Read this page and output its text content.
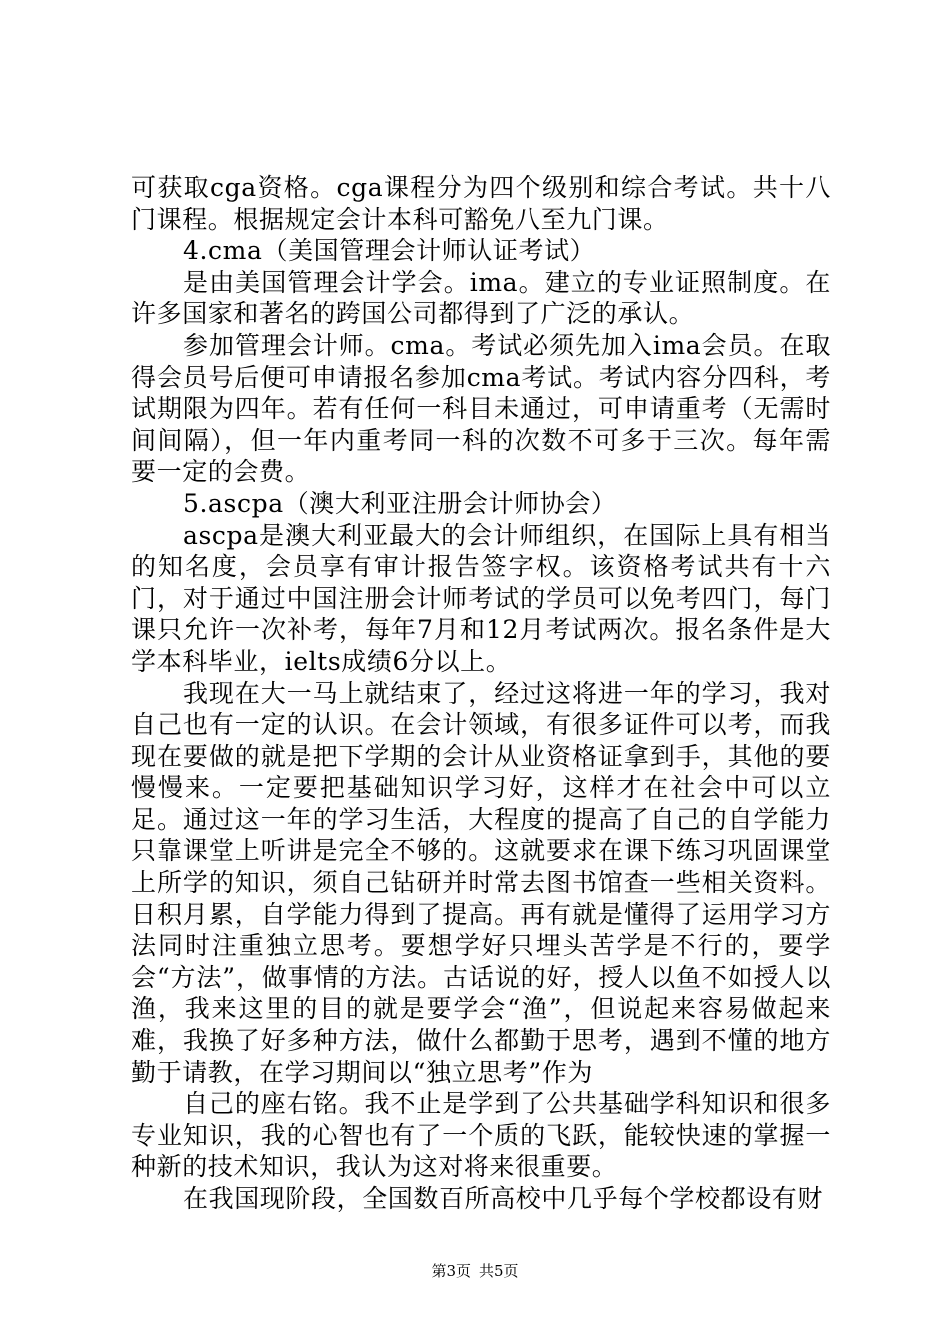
可获取cga资格。cga课程分为四个级别和综合考试。共十八门课程。根据规定会计本科可豁免八至九门课。

4.cma（美国管理会计师认证考试）

是由美国管理会计学会。ima。建立的专业证照制度。在许多国家和著名的跨国公司都得到了广泛的承认。

参加管理会计师。cma。考试必须先加入ima会员。在取得会员号后便可申请报名参加cma考试。考试内容分四科，考试期限为四年。若有任何一科目未通过，可申请重考（无需时间间隔），但一年内重考同一科的次数不可多于三次。每年需要一定的会费。

5.ascpa（澳大利亚注册会计师协会）

ascpa是澳大利亚最大的会计师组织，在国际上具有相当的知名度，会员享有审计报告签字权。该资格考试共有十六门，对于通过中国注册会计师考试的学员可以免考四门，每门课只允许一次补考，每年7月和12月考试两次。报名条件是大学本科毕业，ielts成绩6分以上。

我现在大一马上就结束了，经过这将进一年的学习，我对自己也有一定的认识。在会计领域，有很多证件可以考，而我现在要做的就是把下学期的会计从业资格证拿到手，其他的要慢慢来。一定要把基础知识学习好，这样才在社会中可以立足。通过这一年的学习生活，大程度的提高了自己的自学能力只靠课堂上听讲是完全不够的。这就要求在课下练习巩固课堂上所学的知识，须自己钻研并时常去图书馆查一些相关资料。日积月累，自学能力得到了提高。再有就是懂得了运用学习方法同时注重独立思考。要想学好只埋头苦学是不行的，要学会“方法”，做事情的方法。古话说的好，授人以鱼不如授人以渔，我来这里的目的就是要学会“渔”，但说起来容易做起来难，我换了好多种方法，做什么都勤于思考，遇到不懂的地方勤于请教，在学习期间以“独立思考”作为

自己的座右铭。我不止是学到了公共基础学科知识和很多专业知识，我的心智也有了一个质的飞跃，能较快速的掌握一种新的技术知识，我认为这对将来很重要。

在我国现阶段，全国数百所高校中几乎每个学校都设有财

第3页 共5页
